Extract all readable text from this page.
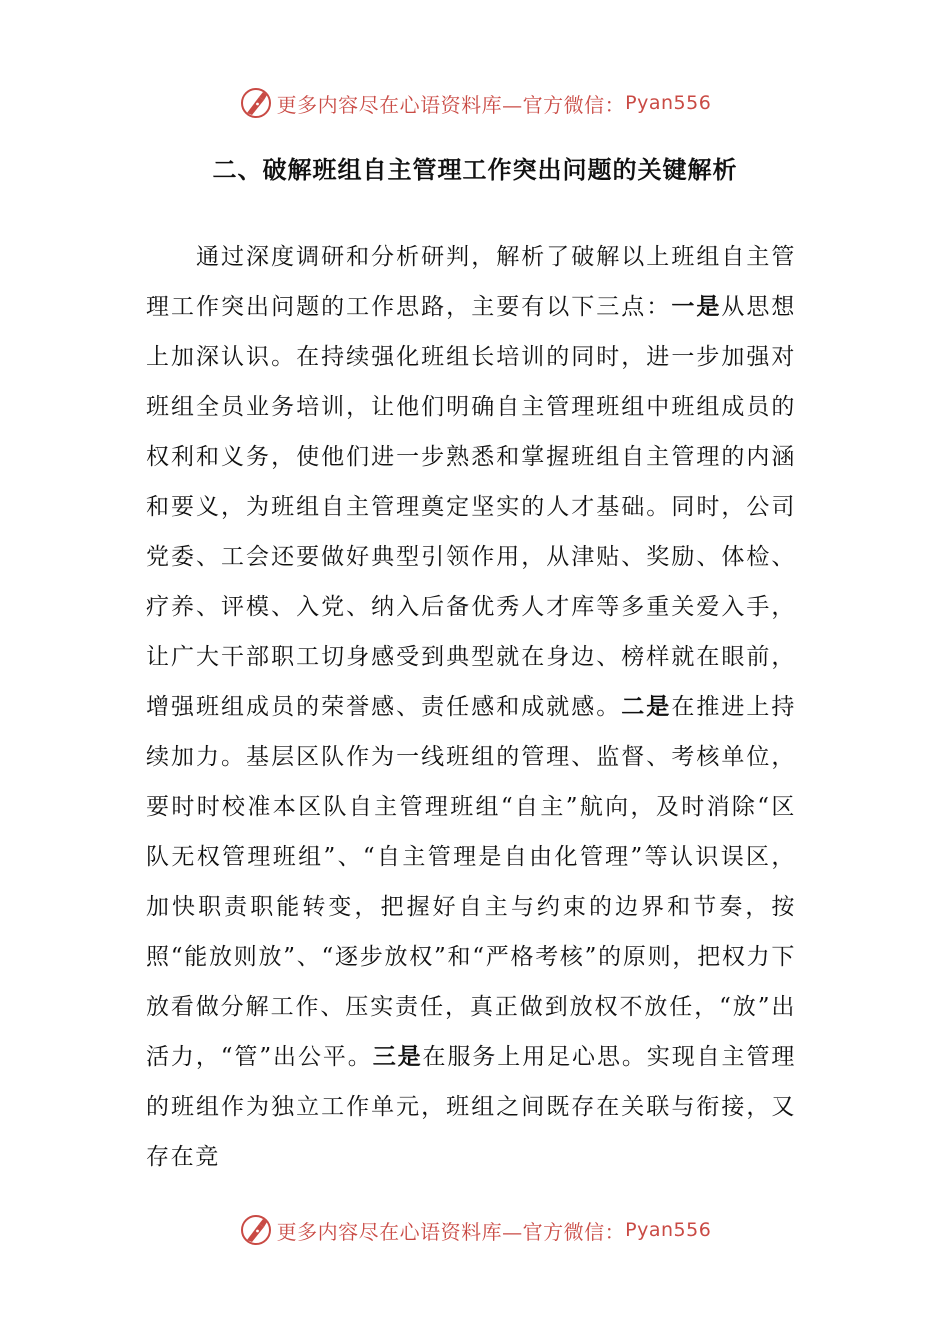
更多内容尽在心语资料库—官方微信： Pyan556
二、破解班组自主管理工作突出问题的关键解析

通过深度调研和分析研判，解析了破解以上班组自主管理工作突出问题的工作思路，主要有以下三点：一是从思想上加深认识。在持续强化班组长培训的同时，进一步加强对班组全员业务培训，让他们明确自主管理班组中班组成员的权利和义务，使他们进一步熟悉和掌握班组自主管理的内涵和要义，为班组自主管理奠定坚实的人才基础。同时，公司党委、工会还要做好典型引领作用，从津贴、奖励、体检、疗养、评模、入党、纳入后备优秀人才库等多重关爱入手，让广大干部职工切身感受到典型就在身边、榜样就在眼前，增强班组成员的荣誉感、责任感和成就感。二是在推进上持续加力。基层区队作为一线班组的管理、监督、考核单位，要时时校准本区队自主管理班组“自主”航向，及时消除“区队无权管理班组”、“自主管理是自由化管理”等认识误区，加快职责职能转变，把握好自主与约束的边界和节奏，按照“能放则放”、“逐步放权”和“严格考核”的原则，把权力下放看做分解工作、压实责任，真正做到放权不放任，“放”出活力，“管”出公平。三是在服务上用足心思。实现自主管理的班组作为独立工作单元，班组之间既存在关联与衔接，又存在竞

更多内容尽在心语资料库—官方微信： Pyan556
